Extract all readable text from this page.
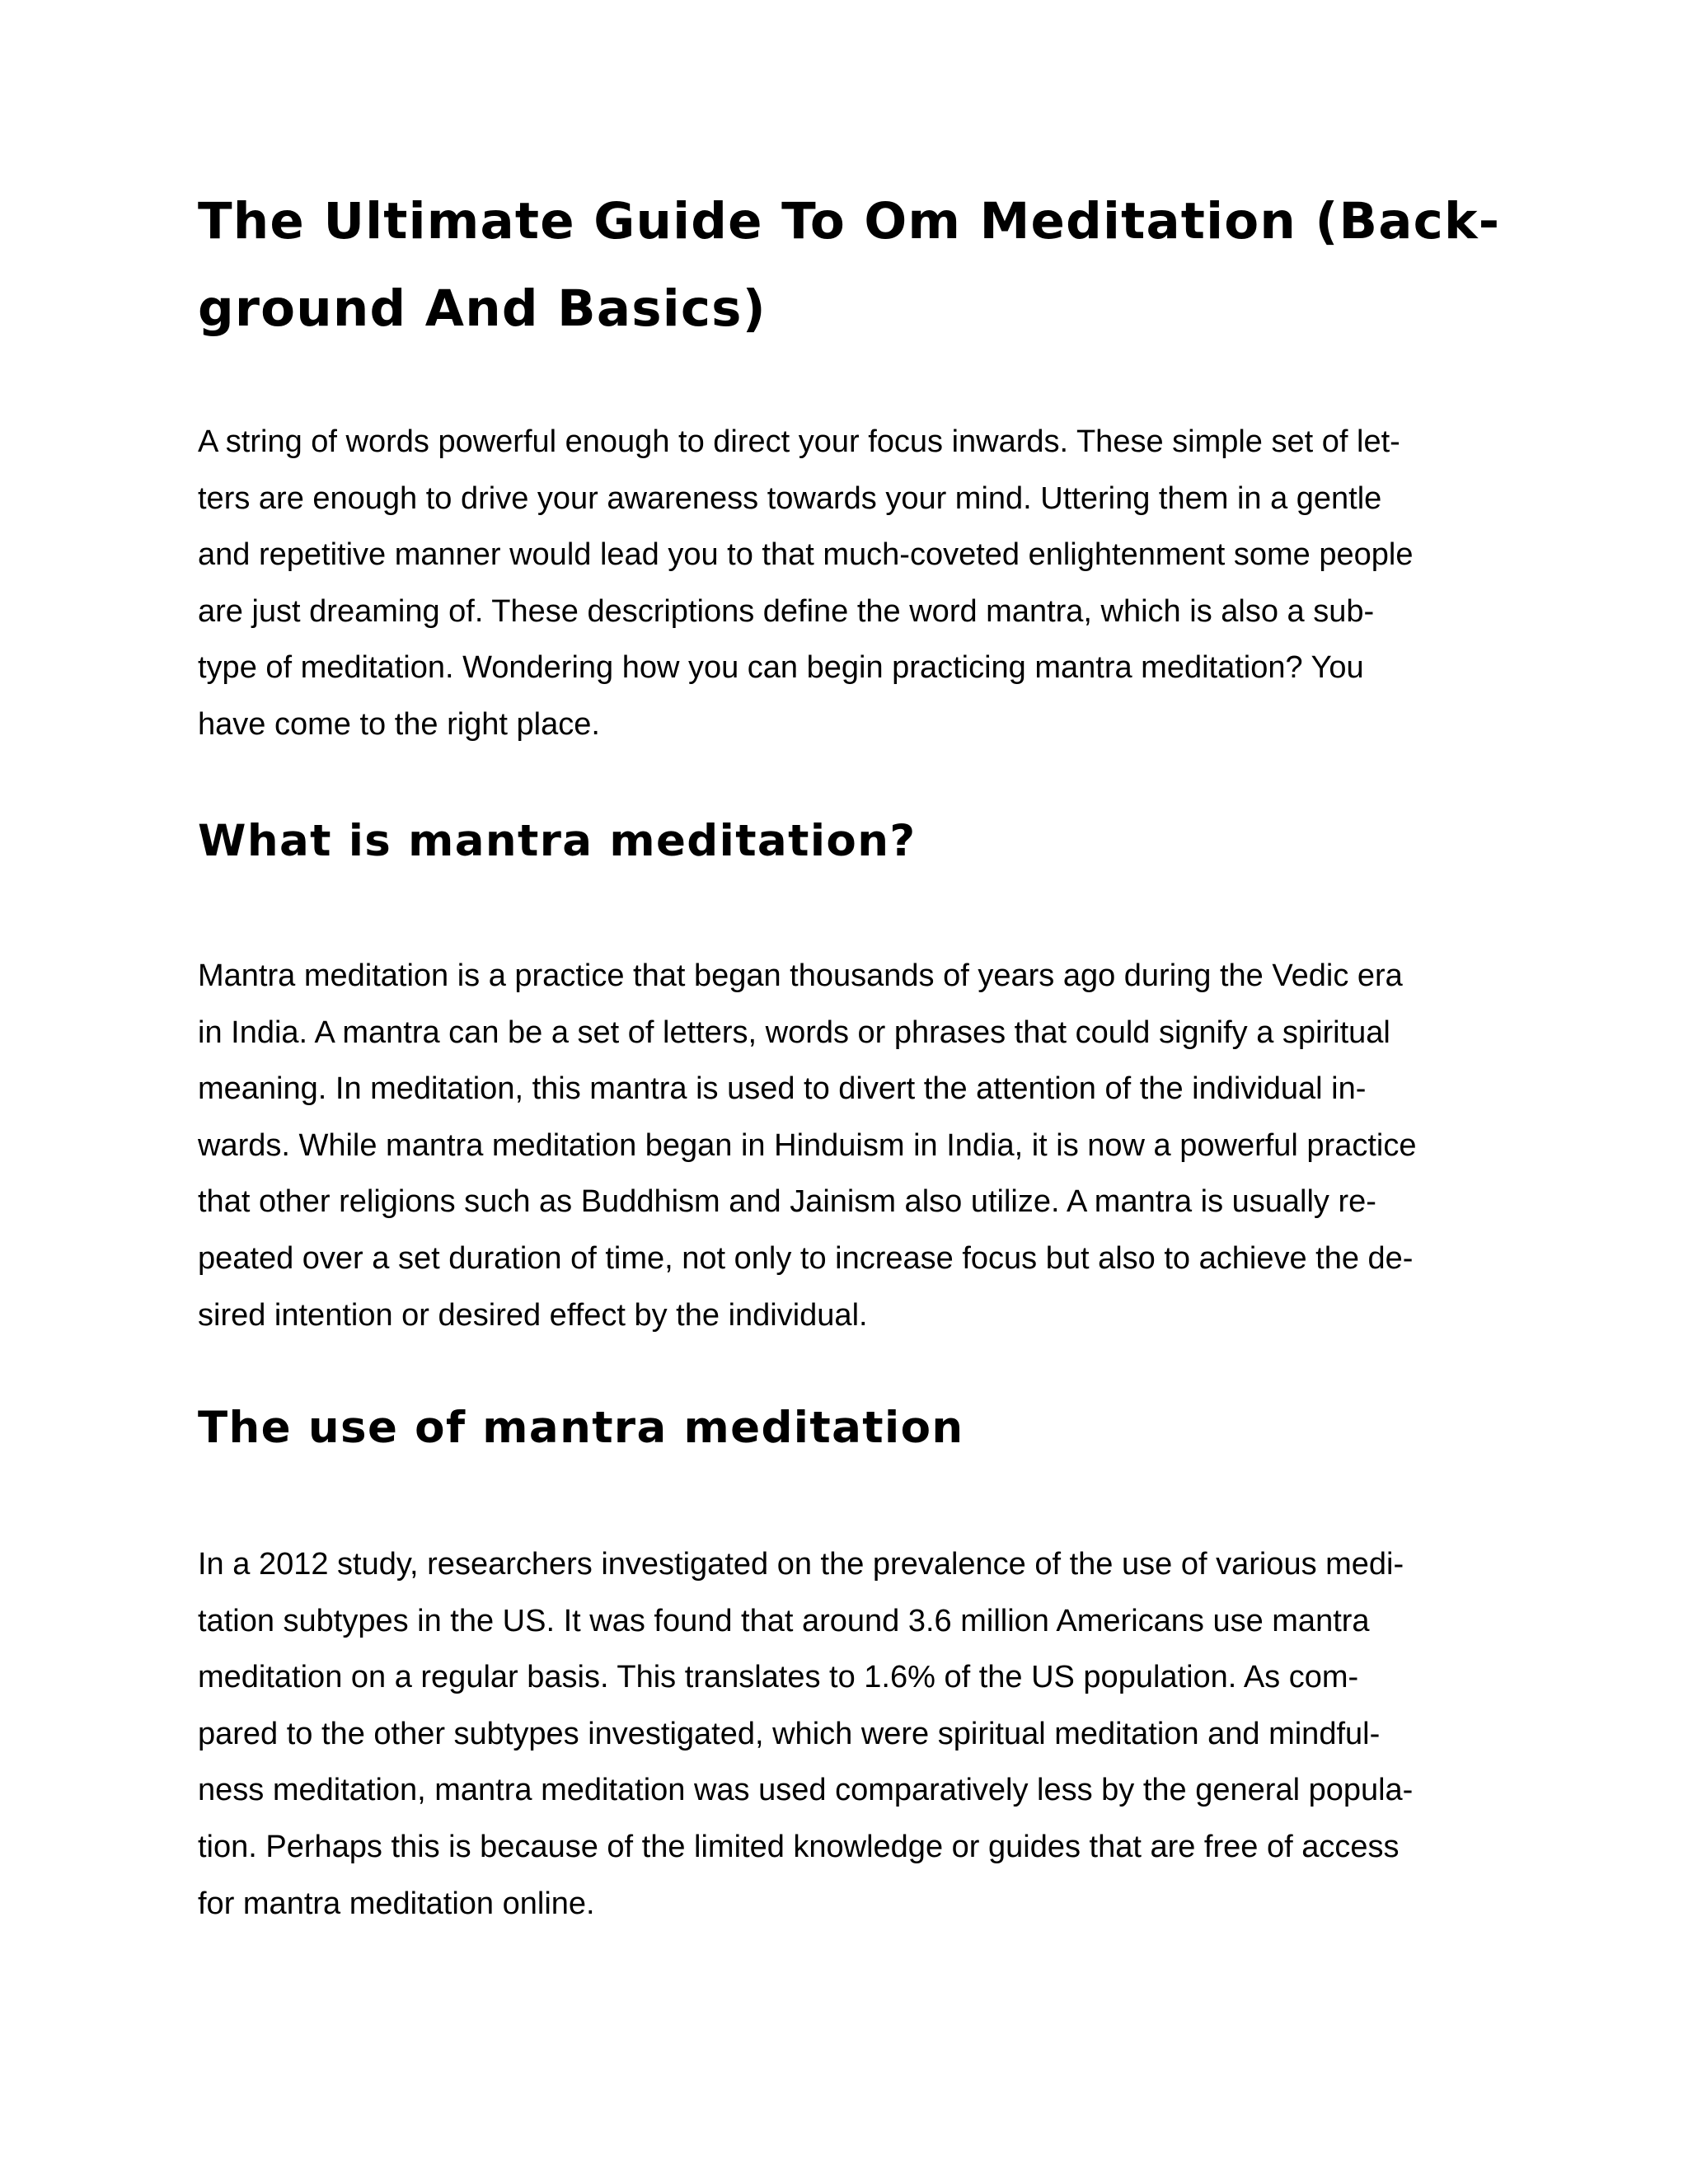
The Ultimate Guide To Om Meditation (Back-
ground And Basics)

A string of words powerful enough to direct your focus inwards. These simple set of let-
ters are enough to drive your awareness towards your mind. Uttering them in a gentle
and repetitive manner would lead you to that much-coveted enlightenment some people
are just dreaming of. These descriptions define the word mantra, which is also a sub-
type of meditation. Wondering how you can begin practicing mantra meditation? You
have come to the right place.

What is mantra meditation?

Mantra meditation is a practice that began thousands of years ago during the Vedic era
in India. A mantra can be a set of letters, words or phrases that could signify a spiritual
meaning. In meditation, this mantra is used to divert the attention of the individual in-
wards. While mantra meditation began in Hinduism in India, it is now a powerful practice
that other religions such as Buddhism and Jainism also utilize. A mantra is usually re-
peated over a set duration of time, not only to increase focus but also to achieve the de-
sired intention or desired effect by the individual.

The use of mantra meditation

In a 2012 study, researchers investigated on the prevalence of the use of various medi-
tation subtypes in the US. It was found that around 3.6 million Americans use mantra
meditation on a regular basis. This translates to 1.6% of the US population. As com-
pared to the other subtypes investigated, which were spiritual meditation and mindful-
ness meditation, mantra meditation was used comparatively less by the general popula-
tion. Perhaps this is because of the limited knowledge or guides that are free of access
for mantra meditation online.
